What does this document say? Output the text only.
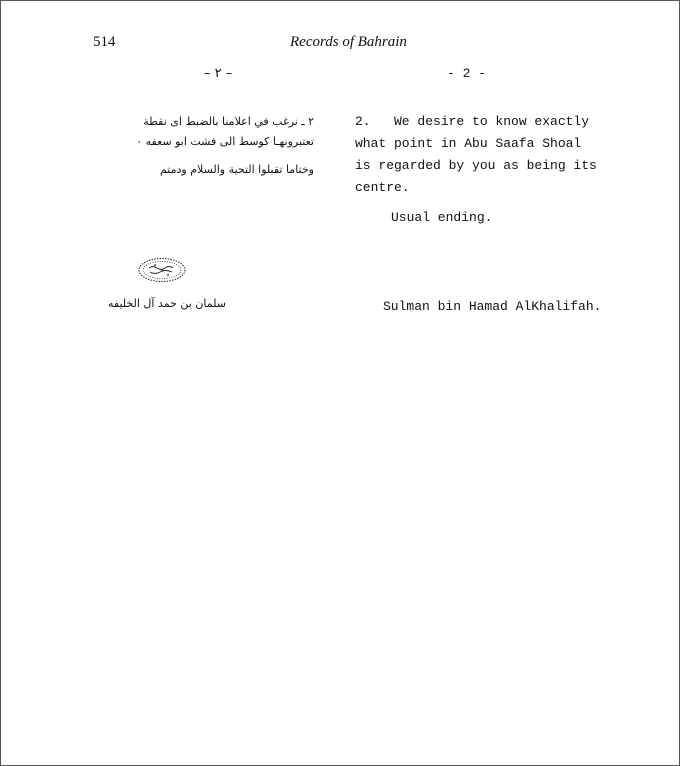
514	Records of Bahrain
– ٢ –	- 2 -
٢ ـ نرغب في اعلامنا بالضبط اى نقطة
تعتبرونهـا كوسط الى فشت ابو سعفه ٠
وختاما تقبلوا التحية والسلام ودمتم
سلمان بن حمد آل الخليفه
2.   We desire to know exactly
what point in Abu Saafa Shoal
is regarded by you as being its
centre.
Usual ending.
Sulman bin Hamad AlKhalifah.
